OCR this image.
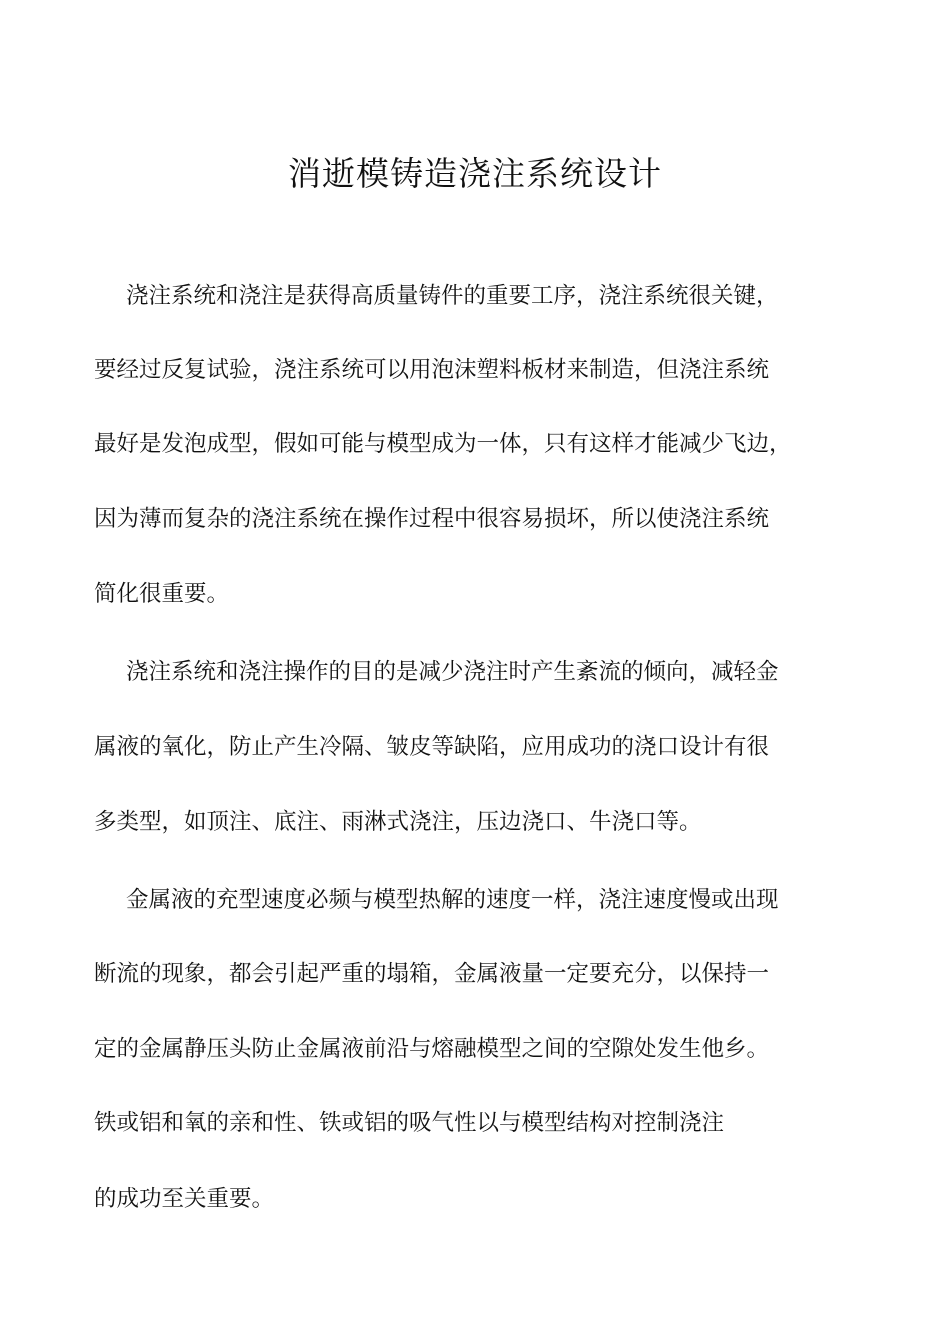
消逝模铸造浇注系统设计
浇注系统和浇注是获得高质量铸件的重要工序，浇注系统很关键，
要经过反复试验，浇注系统可以用泡沫塑料板材来制造，但浇注系统
最好是发泡成型，假如可能与模型成为一体，只有这样才能减少飞边，
因为薄而复杂的浇注系统在操作过程中很容易损坏，所以使浇注系统
简化很重要。
浇注系统和浇注操作的目的是减少浇注时产生紊流的倾向，减轻金
属液的氧化，防止产生冷隔、皱皮等缺陷，应用成功的浇口设计有很
多类型，如顶注、底注、雨淋式浇注，压边浇口、牛浇口等。
金属液的充型速度必频与模型热解的速度一样，浇注速度慢或出现
断流的现象，都会引起严重的塌箱，金属液量一定要充分，以保持一
定的金属静压头防止金属液前沿与熔融模型之间的空隙处发生他乡。
铁或铝和氧的亲和性、铁或铝的吸气性以与模型结构对控制浇注
的成功至关重要。
